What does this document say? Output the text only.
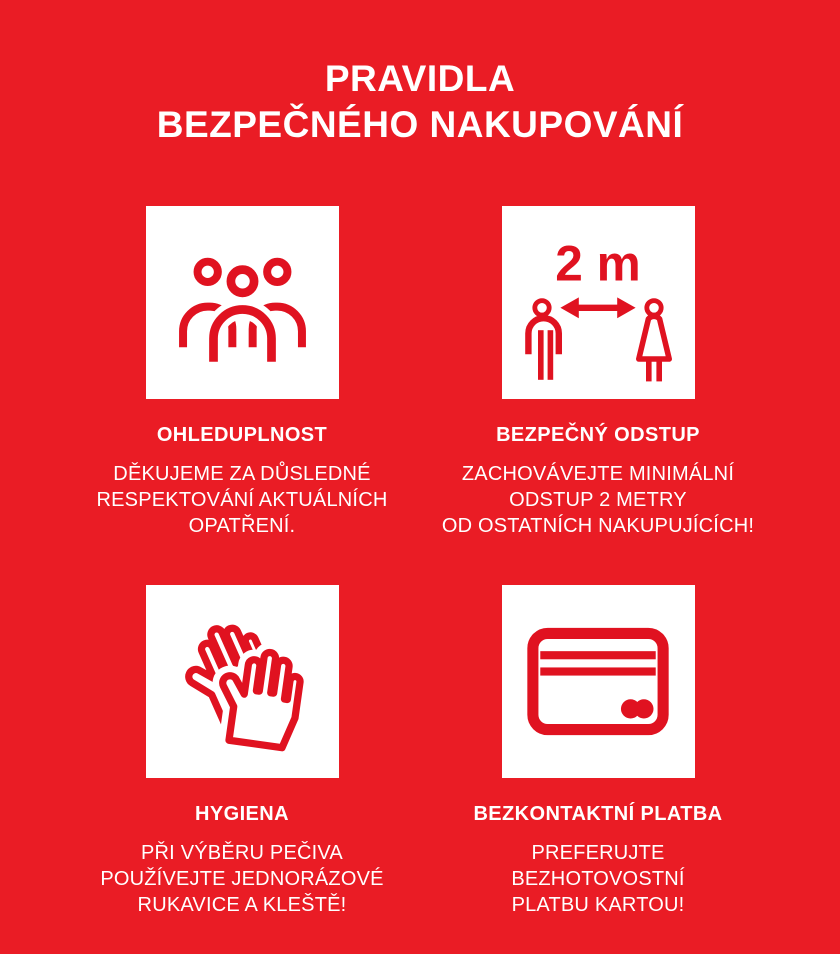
PRAVIDLA
BEZPEČNÉHO NAKUPOVÁNÍ
OHLEDUPLNOST
DĚKUJEME ZA DŮSLEDNÉ
RESPEKTOVÁNÍ AKTUÁLNÍCH
OPATŘENÍ.
2 m
BEZPEČNÝ ODSTUP
ZACHOVÁVEJTE MINIMÁLNÍ
ODSTUP 2 METRY
OD OSTATNÍCH NAKUPUJÍCÍCH!
HYGIENA
PŘI VÝBĚRU PEČIVA
POUŽÍVEJTE JEDNORÁZOVÉ
RUKAVICE A KLEŠTĚ!
BEZKONTAKTNÍ PLATBA
PREFERUJTE
BEZHOTOVOSTNÍ
PLATBU KARTOU!
